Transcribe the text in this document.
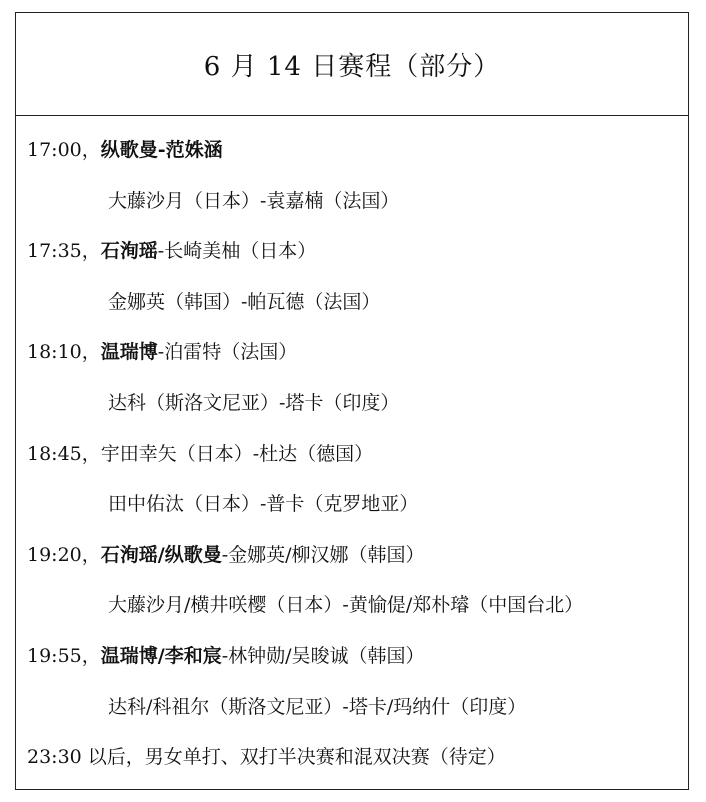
6 月 14 日赛程（部分）
17:00，纵歌曼-范姝涵
大藤沙月（日本）-袁嘉楠（法国）
17:35，石洵瑶-长崎美柚（日本）
金娜英（韩国）-帕瓦德（法国）
18:10，温瑞博-泊雷特（法国）
达科（斯洛文尼亚）-塔卡（印度）
18:45，宇田幸矢（日本）-杜达（德国）
田中佑汰（日本）-普卡（克罗地亚）
19:20，石洵瑶/纵歌曼-金娜英/柳汉娜（韩国）
大藤沙月/横井咲樱（日本）-黄愉偍/郑朴璿（中国台北）
19:55，温瑞博/李和宸-林钟勋/吴晙诚（韩国）
达科/科祖尔（斯洛文尼亚）-塔卡/玛纳什（印度）
23:30 以后，男女单打、双打半决赛和混双决赛（待定）
